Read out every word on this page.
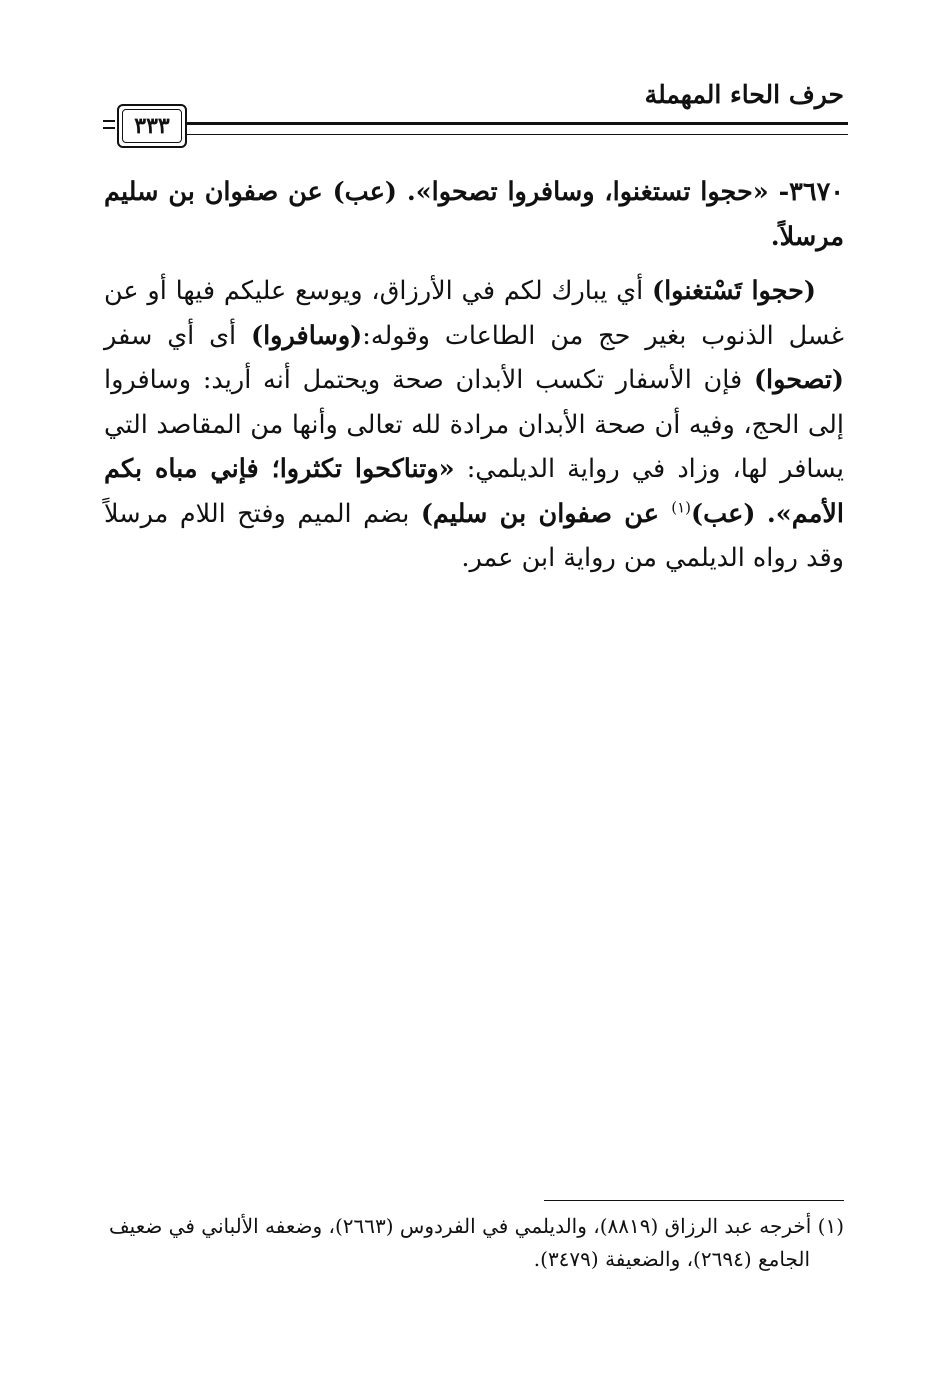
حرف الحاء المهملة
٣٣٣

٣٦٧٠- «حجوا تستغنوا، وسافروا تصحوا». (عب) عن صفوان بن سليم مرسلاً.

(حجوا تَسْتغنوا) أي يبارك لكم في الأرزاق، ويوسع عليكم فيها أو عن غسل الذنوب بغير حج من الطاعات وقوله:(وسافروا) أى أي سفر (تصحوا) فإن الأسفار تكسب الأبدان صحة ويحتمل أنه أريد: وسافروا إلى الحج، وفيه أن صحة الأبدان مرادة لله تعالى وأنها من المقاصد التي يسافر لها، وزاد في رواية الديلمي: «وتناكحوا تكثروا؛ فإني مباه بكم الأمم». (عب)$^{(١)}$ عن صفوان بن سليم) بضم الميم وفتح اللام مرسلاً وقد رواه الديلمي من رواية ابن عمر.

(١) أخرجه عبد الرزاق (٨٨١٩)، والديلمي في الفردوس (٢٦٦٣)، وضعفه الألباني في ضعيف

الجامع (٢٦٩٤)، والضعيفة (٣٤٧٩).
